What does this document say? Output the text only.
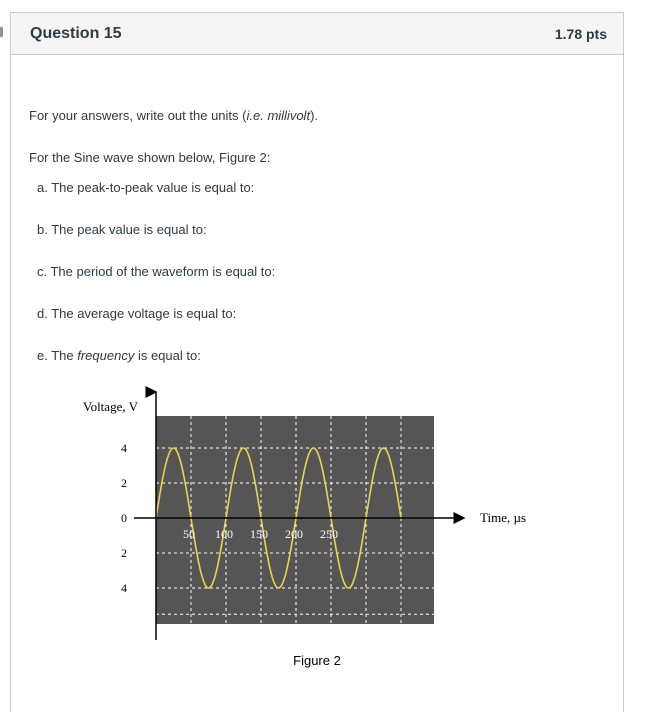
Question 15	1.78 pts
For your answers, write out the units (i.e. millivolt).
For the Sine wave shown below, Figure 2:
a. The peak-to-peak value is equal to:
b. The peak value is equal to:
c. The period of the waveform is equal to:
d. The average voltage is equal to:
e. The frequency is equal to:
Voltage, V
Time, µs
4
2
0
2
4
50 100 150 200 250
Figure 2
